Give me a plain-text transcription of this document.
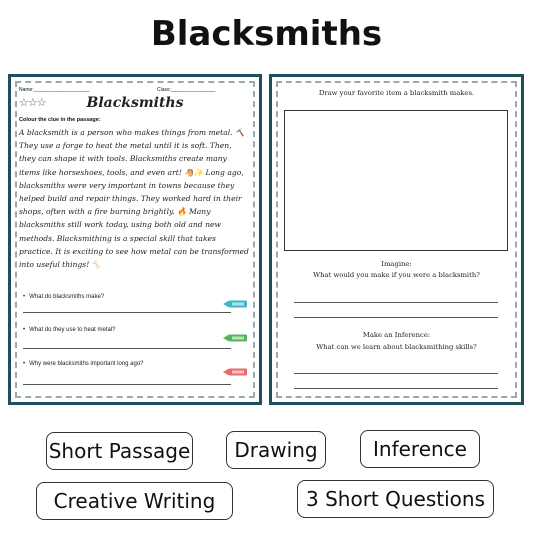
Blacksmiths
Name:____________________	Class:________________
☆☆☆	Blacksmiths
Colour the clue in the passage:
A blacksmith is a person who makes things from metal. 🔨 They use a forge to heat the metal until it is soft. Then, they can shape it with tools. Blacksmiths create many items like horseshoes, tools, and even art! 🐴✨ Long ago, blacksmiths were very important in towns because they helped build and repair things. They worked hard in their shops, often with a fire burning brightly. 🔥 Many blacksmiths still work today, using both old and new methods. Blacksmithing is a special skill that takes practice. It is exciting to see how metal can be transformed into useful things! 🦴
• What do blacksmiths make?
• What do they use to heat metal?
• Why were blacksmiths important long ago?
Draw your favorite item a blacksmith makes.
Imagine:
What would you make if you were a blacksmith?
Make an Inference:
What can we learn about blacksmithing skills?
Short Passage	Drawing	Inference
Creative Writing	3 Short Questions
